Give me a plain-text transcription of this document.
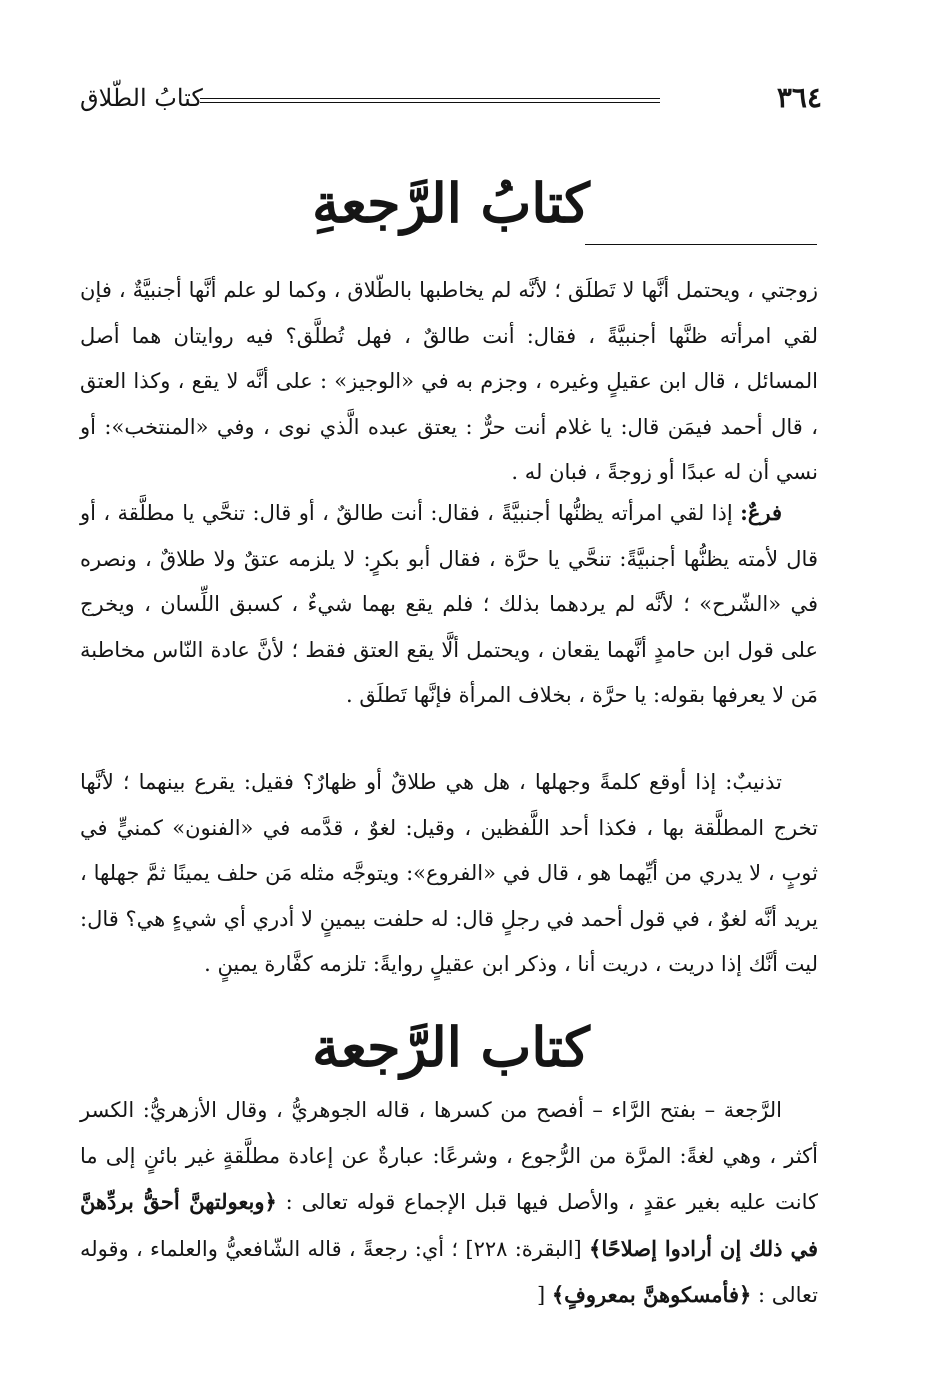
٣٦٤
كتابُ الطّلاق
كتابُ الرَّجعةِ

زوجتي ، ويحتمل أنَّها لا تَطلَق ؛ لأنَّه لم يخاطبها بالطّلاق ، وكما لو علم أنَّها أجنبيَّةٌ ، فإن لقي امرأته ظنَّها أجنبيَّةً ، فقال: أنت طالقٌ ، فهل تُطلَّق؟ فيه روايتان هما أصل المسائل ، قال ابن عقيلٍ وغيره ، وجزم به في «الوجيز» : على أنَّه لا يقع ، وكذا العتق ، قال أحمد فيمَن قال: يا غلام أنت حرٌّ : يعتق عبده الَّذي نوى ، وفي «المنتخب»: أو نسي أن له عبدًا أو زوجةً ، فبان له .

فرعٌ: إذا لقي امرأته يظنُّها أجنبيَّةً ، فقال: أنت طالقٌ ، أو قال: تنحَّي يا مطلَّقة ، أو قال لأمته يظنُّها أجنبيَّةً: تنحَّي يا حرَّة ، فقال أبو بكرٍ: لا يلزمه عتقٌ ولا طلاقٌ ، ونصره في «الشّرح» ؛ لأنَّه لم يردهما بذلك ؛ فلم يقع بهما شيءٌ ، كسبق اللِّسان ، ويخرج على قول ابن حامدٍ أنَّهما يقعان ، ويحتمل ألَّا يقع العتق فقط ؛ لأنَّ عادة النّاس مخاطبة مَن لا يعرفها بقوله: يا حرَّة ، بخلاف المرأة فإنَّها تَطلَق .

تذنيبٌ: إذا أوقع كلمةً وجهلها ، هل هي طلاقٌ أو ظهارٌ؟ فقيل: يقرع بينهما ؛ لأنَّها تخرج المطلَّقة بها ، فكذا أحد اللَّفظين ، وقيل: لغوٌ ، قدَّمه في «الفنون» كمنيٍّ في ثوبٍ ، لا يدري من أيِّهما هو ، قال في «الفروع»: ويتوجَّه مثله مَن حلف يمينًا ثمَّ جهلها ، يريد أنَّه لغوٌ ، في قول أحمد في رجلٍ قال: له حلفت بيمينٍ لا أدري أي شيءٍ هي؟ قال: ليت أنَّك إذا دريت ، دريت أنا ، وذكر ابن عقيلٍ روايةً: تلزمه كفَّارة يمينٍ .

كتاب الرَّجعة

الرَّجعة – بفتح الرَّاء – أفصح من كسرها ، قاله الجوهريُّ ، وقال الأزهريُّ: الكسر أكثر ، وهي لغةً: المرَّة من الرُّجوع ، وشرعًا: عبارةٌ عن إعادة مطلَّقةٍ غير بائنٍ إلى ما كانت عليه بغير عقدٍ ، والأصل فيها قبل الإجماع قوله تعالى : ﴿وبعولتهنَّ أحقُّ بردِّهنَّ في ذلك إن أرادوا إصلاحًا﴾ [البقرة: ٢٢٨] ؛ أي: رجعةً ، قاله الشّافعيُّ والعلماء ، وقوله تعالى : ﴿فأمسكوهنَّ بمعروفٍ﴾ [
